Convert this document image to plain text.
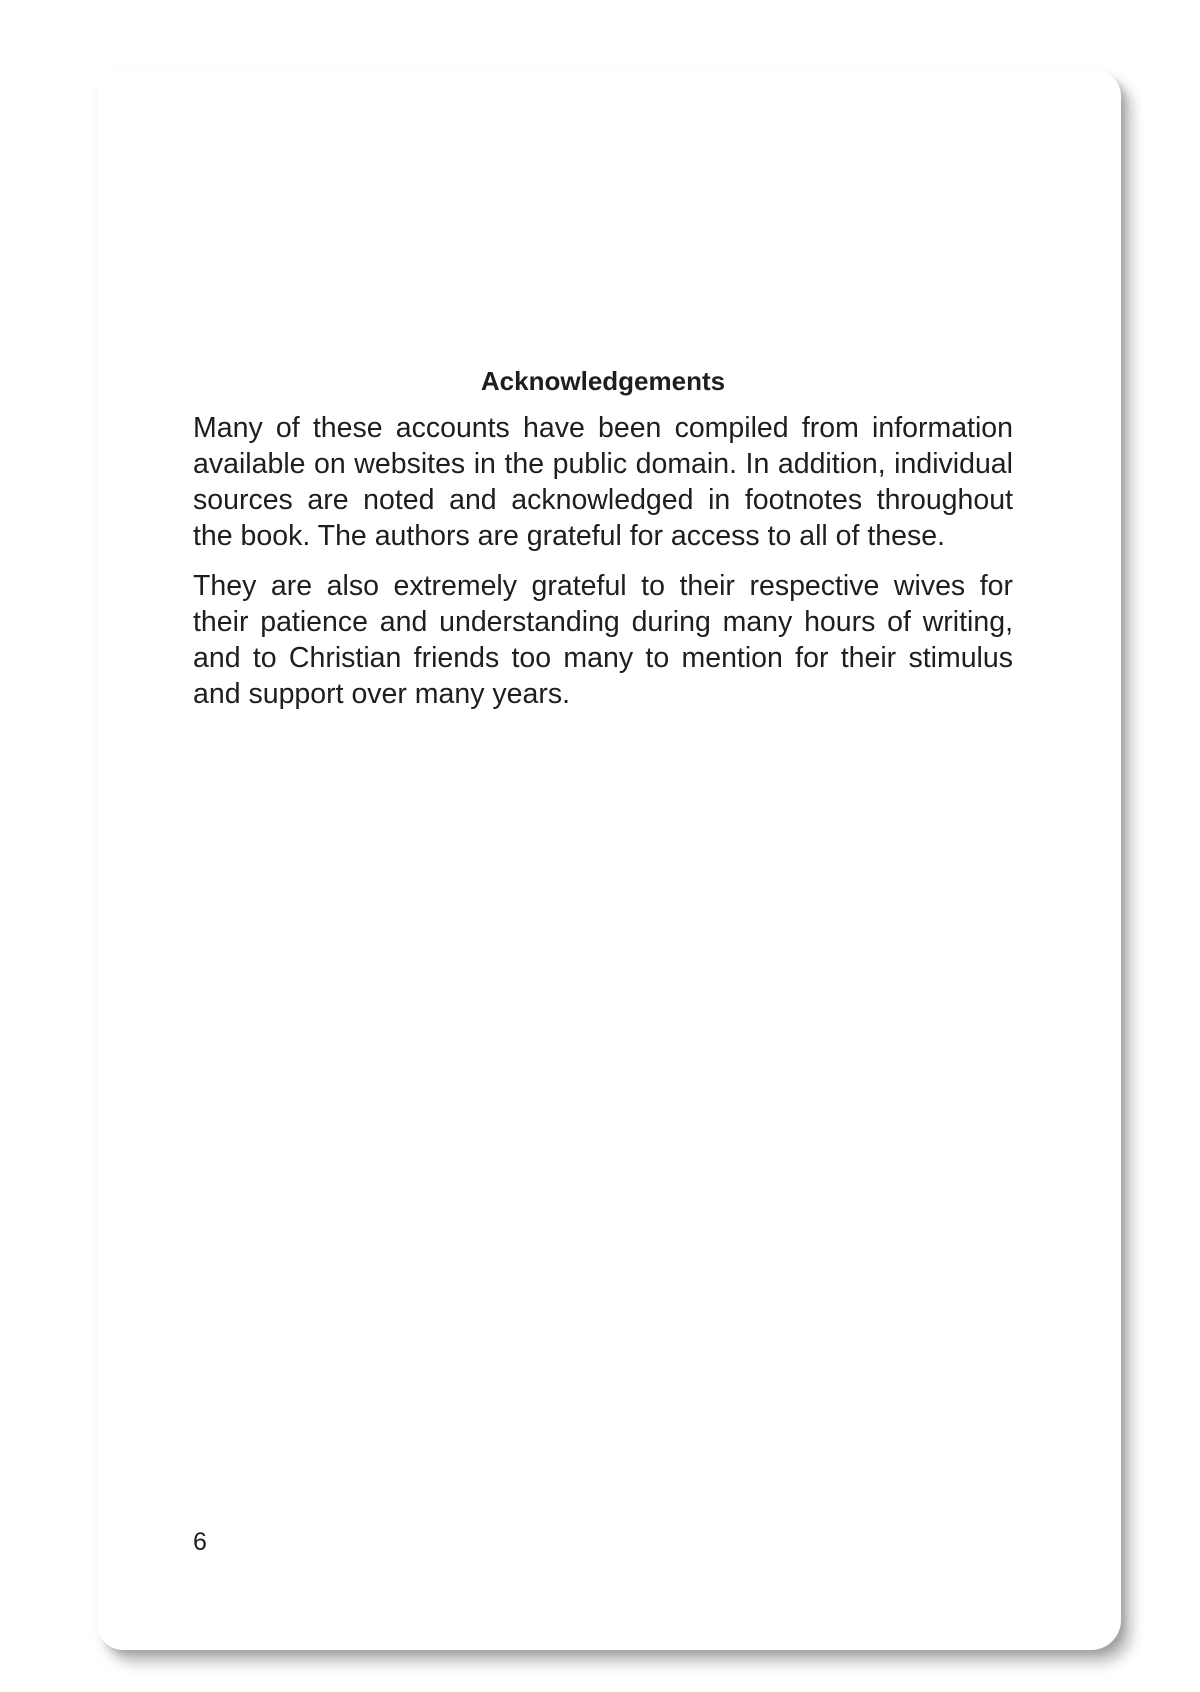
Acknowledgements

Many of these accounts have been compiled from information available on websites in the public domain. In addition, individual sources are noted and acknowledged in footnotes throughout the book. The authors are grateful for access to all of these.

They are also extremely grateful to their respective wives for their patience and understanding during many hours of writing, and to Christian friends too many to mention for their stimulus and support over many years.

6
